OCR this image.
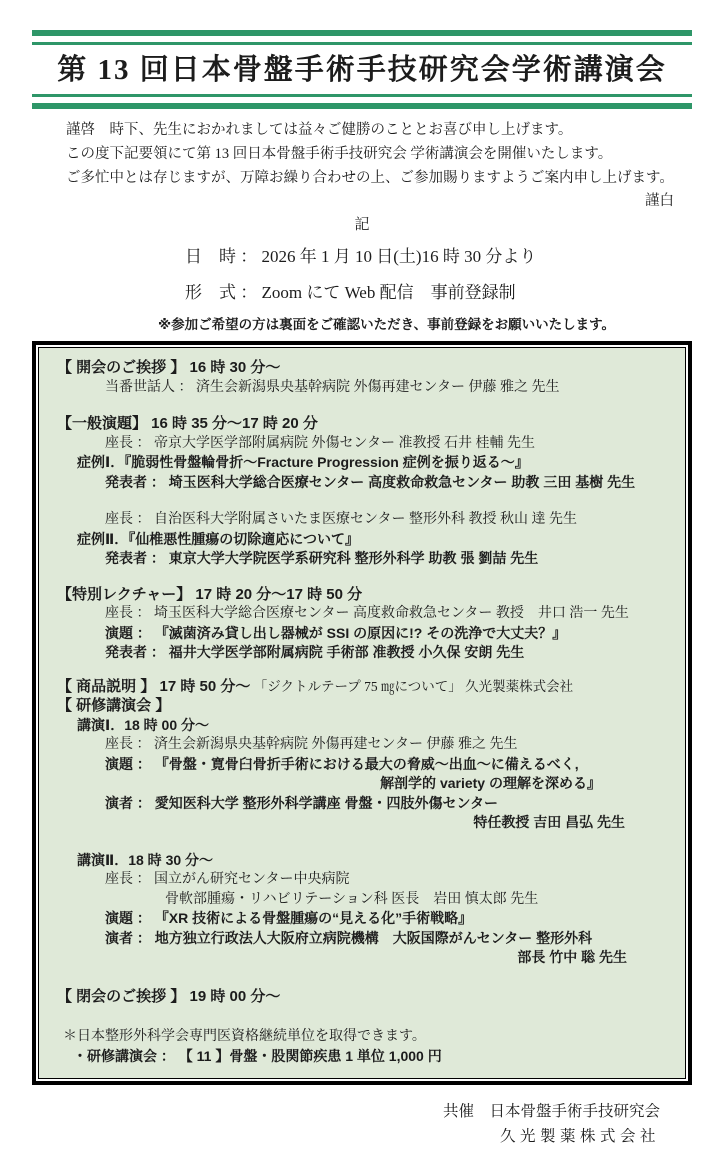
第 13 回日本骨盤手術手技研究会学術講演会
謹啓　時下、先生におかれましては益々ご健勝のこととお喜び申し上げます。
この度下記要領にて第 13 回日本骨盤手術手技研究会 学術講演会を開催いたします。
ご多忙中とは存じますが、万障お繰り合わせの上、ご参加賜りますようご案内申し上げます。
謹白
記
日　時 ： 2026 年 1 月 10 日(土)16 時 30 分より
形　式 ： Zoom にて Web 配信　事前登録制
※参加ご希望の方は裏面をご確認いただき、事前登録をお願いいたします。
【 開会のご挨拶 】 16 時 30 分～
当番世話人 ： 済生会新潟県央基幹病院 外傷再建センター 伊藤 雅之 先生
【一般演題】 16 時 35 分～17 時 20 分
座長 ： 帝京大学医学部附属病院 外傷センター 准教授 石井 桂輔 先生
症例Ⅰ．『脆弱性骨盤輪骨折～Fracture Progression 症例を振り返る～』
発表者 ： 埼玉医科大学総合医療センター 高度救命救急センター 助教 三田 基樹 先生
座長 ： 自治医科大学附属さいたま医療センター 整形外科 教授 秋山 達 先生
症例Ⅱ．『仙椎悪性腫瘍の切除適応について』
発表者 ： 東京大学大学院医学系研究科 整形外科学 助教 張 劉喆 先生
【特別レクチャー】 17 時 20 分～17 時 50 分
座長 ： 埼玉医科大学総合医療センター 高度救命救急センター 教授　井口 浩一 先生
演題 ： 『滅菌済み貸し出し器械が SSI の原因に!? その洗浄で大丈夫？』
発表者 ： 福井大学医学部附属病院 手術部 准教授 小久保 安朗 先生
【 商品説明 】 17 時 50 分～ 「ジクトルテープ 75 ㎎について」 久光製薬株式会社
【 研修講演会 】
講演Ⅰ．18 時 00 分～
座長 ： 済生会新潟県央基幹病院 外傷再建センター 伊藤 雅之 先生
演題 ： 『骨盤・寛骨臼骨折手術における最大の脅威～出血～に備えるべく,
解剖学的 variety の理解を深める』
演者 ： 愛知医科大学 整形外科学講座 骨盤・四肢外傷センター
特任教授 吉田 昌弘 先生
講演Ⅱ．18 時 30 分～
座長 ： 国立がん研究センター中央病院
骨軟部腫瘍・リハビリテーション科 医長　岩田 慎太郎 先生
演題 ： 『XR 技術による骨盤腫瘍の“見える化”手術戦略』
演者 ： 地方独立行政法人大阪府立病院機構　大阪国際がんセンター 整形外科
部長 竹中 聡 先生
【 閉会のご挨拶 】 19 時 00 分～
＊日本整形外科学会専門医資格継続単位を取得できます。
・研修講演会 ： 【 11 】骨盤・股関節疾患 1 単位 1,000 円
共催　日本骨盤手術手技研究会
久光製薬株式会社
